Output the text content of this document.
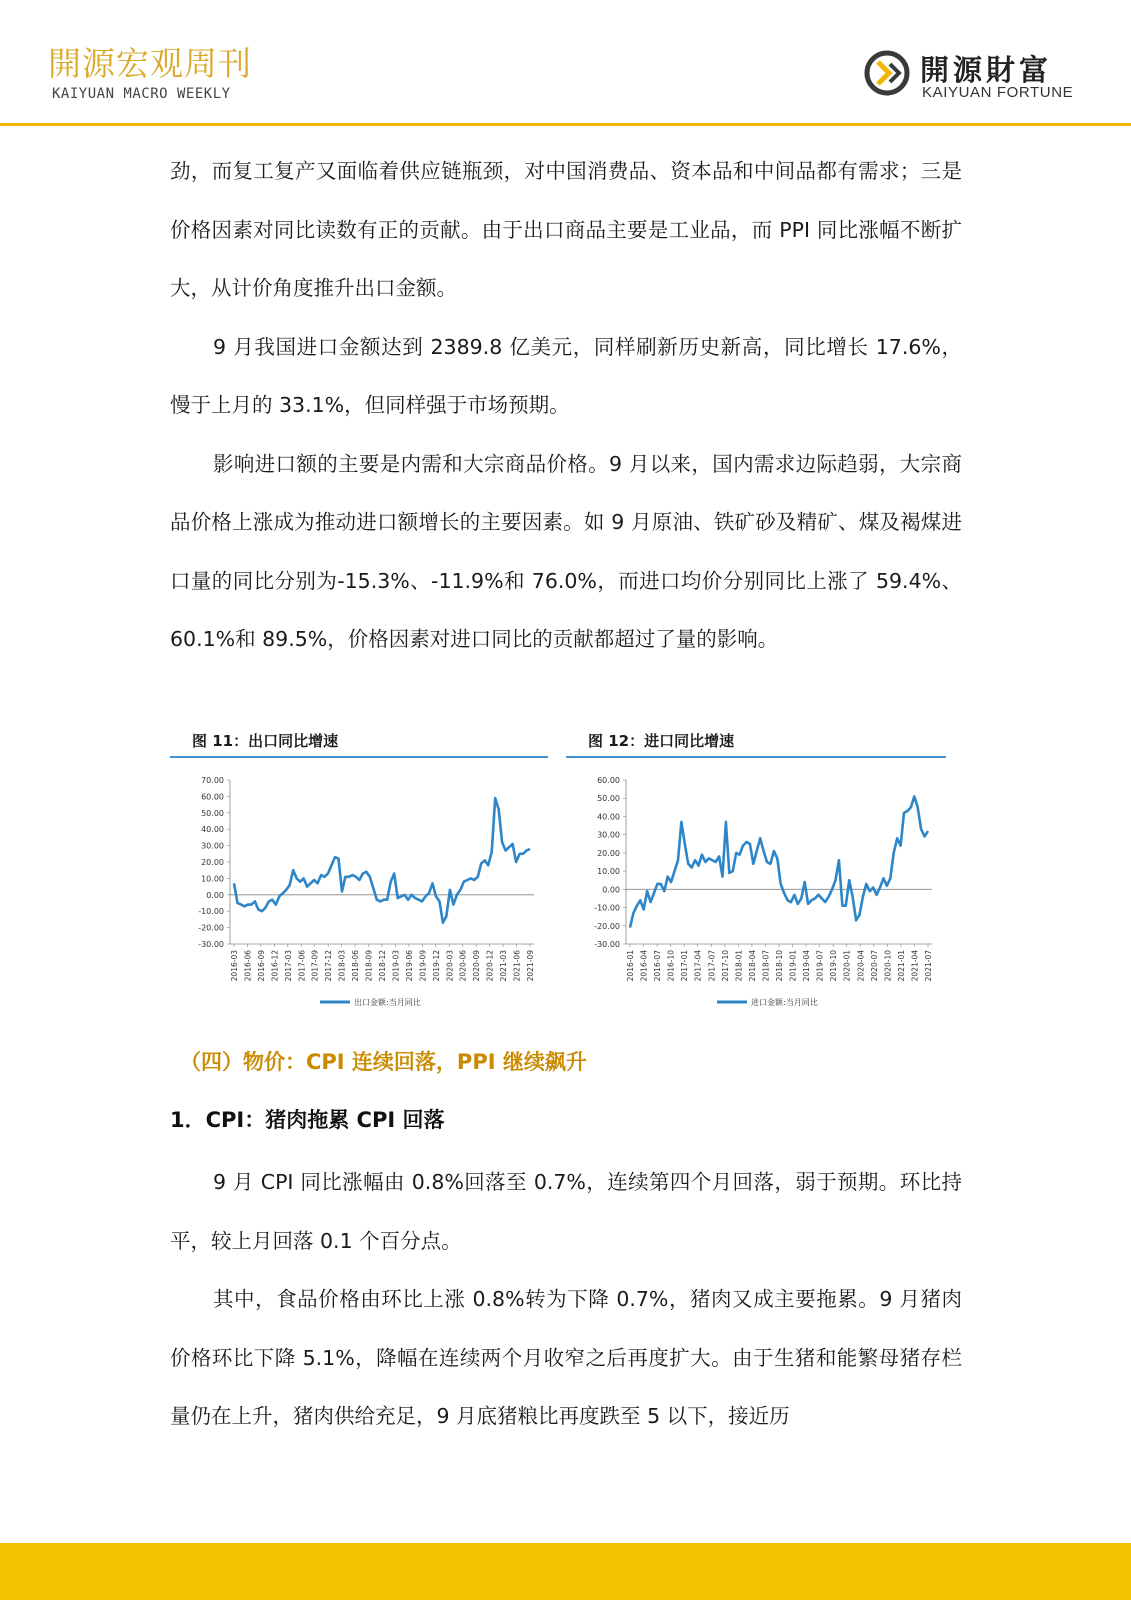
開源宏观周刊
KAIYUAN MACRO WEEKLY
開源財富
KAIYUAN FORTUNE

劲，而复工复产又面临着供应链瓶颈，对中国消费品、资本品和中间品都有需求；三是价格因素对同比读数有正的贡献。由于出口商品主要是工业品，而 PPI 同比涨幅不断扩大，从计价角度推升出口金额。

9 月我国进口金额达到 2389.8 亿美元，同样刷新历史新高，同比增长 17.6%，慢于上月的 33.1%，但同样强于市场预期。

影响进口额的主要是内需和大宗商品价格。9 月以来，国内需求边际趋弱，大宗商品价格上涨成为推动进口额增长的主要因素。如 9 月原油、铁矿砂及精矿、煤及褐煤进口量的同比分别为-15.3%、-11.9%和 76.0%，而进口均价分别同比上涨了 59.4%、60.1%和 89.5%，价格因素对进口同比的贡献都超过了量的影响。

图 11：出口同比增速
70.00
60.00
50.00
40.00
30.00
20.00
10.00
0.00
-10.00
-20.00
-30.00
2016-03 2016-06 2016-09 2016-12 2017-03 2017-06 2017-09 2017-12 2018-03 2018-06 2018-09 2018-12 2019-03 2019-06 2019-09 2019-12 2020-03 2020-06 2020-09 2020-12 2021-03 2021-06 2021-09
出口金额:当月同比
图 12：进口同比增速
60.00
50.00
40.00
30.00
20.00
10.00
0.00
-10.00
-20.00
-30.00
2016-01 2016-04 2016-07 2016-10 2017-01 2017-04 2017-07 2017-10 2018-01 2018-04 2018-07 2018-10 2019-01 2019-04 2019-07 2019-10 2020-01 2020-04 2020-07 2020-10 2021-01 2021-04 2021-07
进口金额:当月同比
（四）物价：CPI 连续回落，PPI 继续飙升
1．CPI：猪肉拖累 CPI 回落

9 月 CPI 同比涨幅由 0.8%回落至 0.7%，连续第四个月回落，弱于预期。环比持平，较上月回落 0.1 个百分点。

其中，食品价格由环比上涨 0.8%转为下降 0.7%，猪肉又成主要拖累。9 月猪肉价格环比下降 5.1%，降幅在连续两个月收窄之后再度扩大。由于生猪和能繁母猪存栏量仍在上升，猪肉供给充足，9 月底猪粮比再度跌至 5 以下，接近历
